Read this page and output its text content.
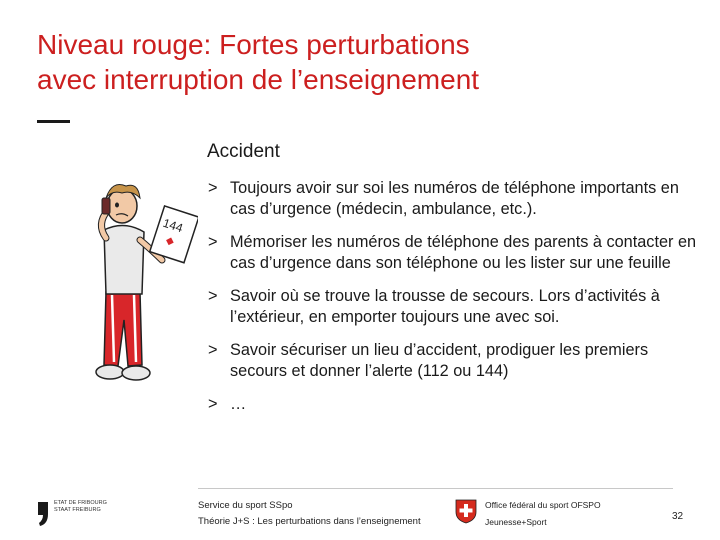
Niveau rouge: Fortes perturbations
avec interruption de l’enseignement
144
Accident
> Toujours avoir sur soi les numéros de téléphone importants en cas d’urgence (médecin, ambulance, etc.).
> Mémoriser les numéros de téléphone des parents à contacter en cas d’urgence dans son téléphone ou les lister sur une feuille
> Savoir où se trouve la trousse de secours. Lors d’activités à l’extérieur, en emporter toujours une avec soi.
> Savoir sécuriser un lieu d’accident, prodiguer les premiers secours et donner l’alerte (112 ou 144)
> …
ETAT DE FRIBOURG
STAAT FREIBURG	Service du sport SSpo
Théorie J+S : Les perturbations dans l’enseignement
Office fédéral du sport OFSPO
Jeunesse+Sport	32
